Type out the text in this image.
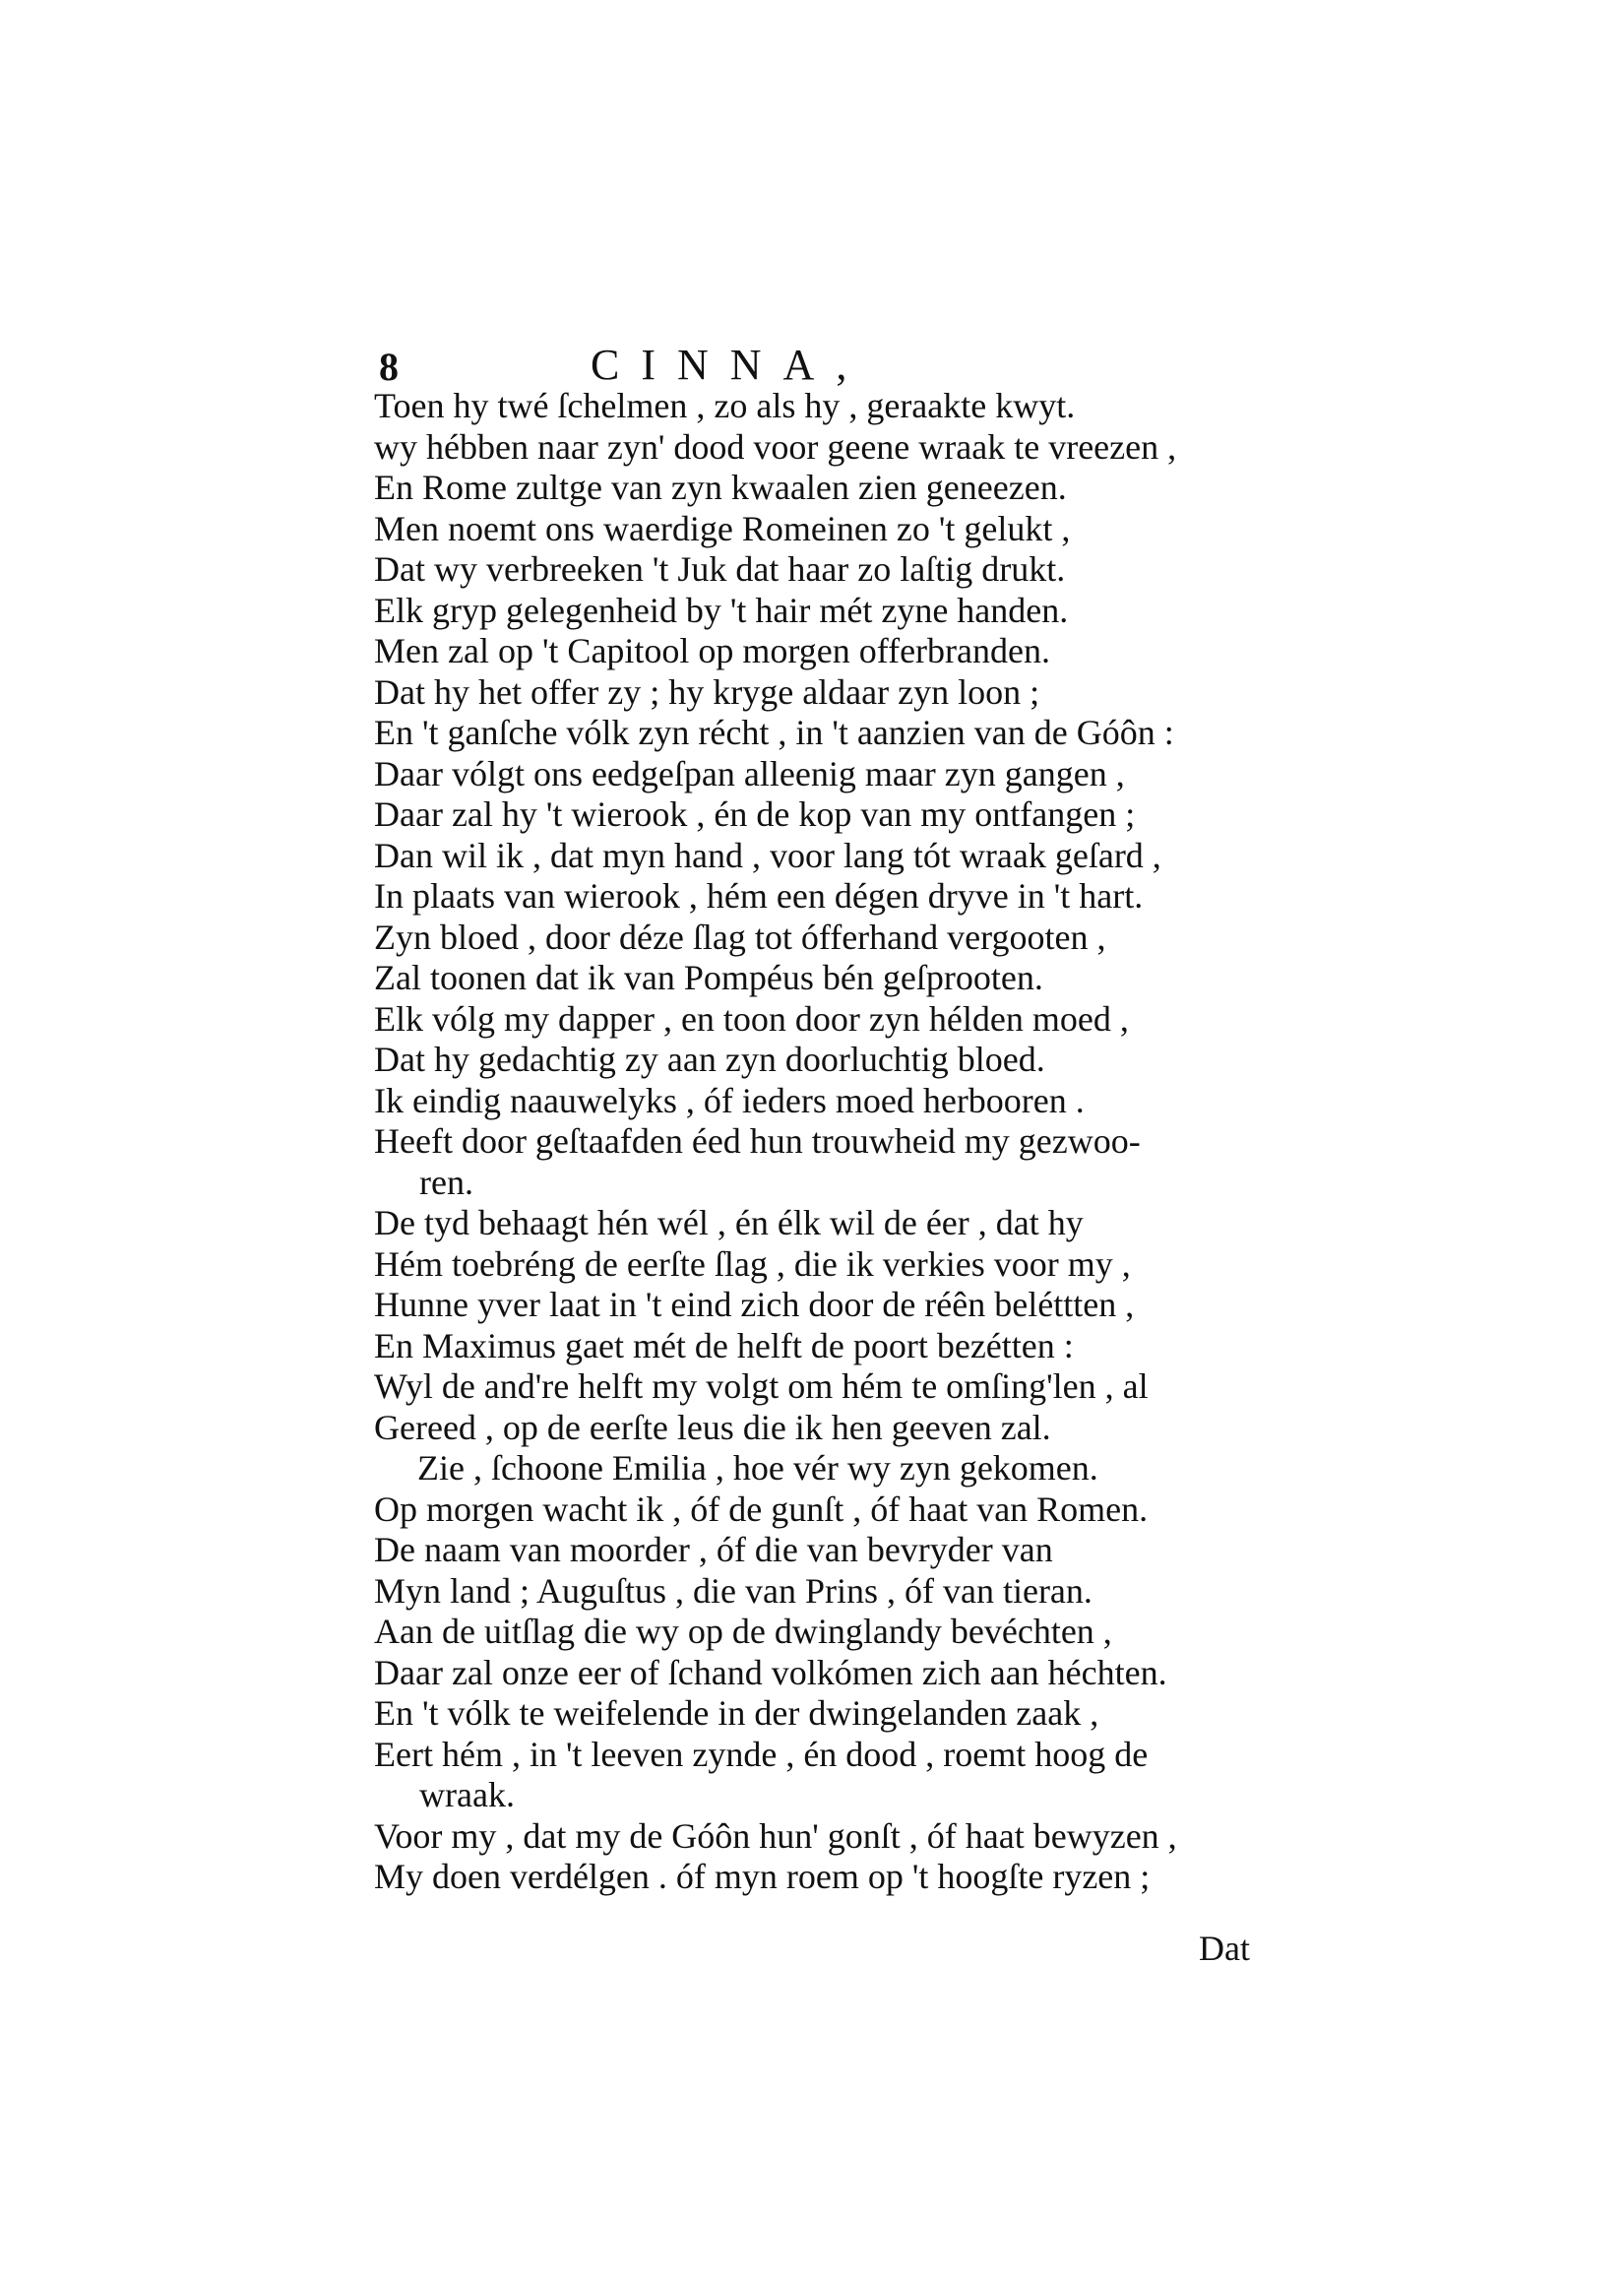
8	CINNA,
Toen hy twé ſchelmen , zo als hy , geraakte kwyt.
wy hébben naar zyn' dood voor geene wraak te vreezen ,
En Rome zultge van zyn kwaalen zien geneezen.
Men noemt ons waerdige Romeinen zo 't gelukt ,
Dat wy verbreeken 't Juk dat haar zo laſtig drukt.
Elk gryp gelegenheid by 't hair mét zyne handen.
Men zal op 't Capitool op morgen offerbranden.
Dat hy het offer zy ; hy kryge aldaar zyn loon ;
En 't ganſche vólk zyn récht , in 't aanzien van de Góôn :
Daar vólgt ons eedgeſpan alleenig maar zyn gangen ,
Daar zal hy 't wierook , én de kop van my ontfangen ;
Dan wil ik , dat myn hand , voor lang tót wraak geſard ,
In plaats van wierook , hém een dégen dryve in 't hart.
Zyn bloed , door déze ſlag tot ófferhand vergooten ,
Zal toonen dat ik van Pompéus bén geſprooten.
Elk vólg my dapper , en toon door zyn hélden moed ,
Dat hy gedachtig zy aan zyn doorluchtig bloed.
Ik eindig naauwelyks , óf ieders moed herbooren .
Heeft door geſtaafden éed hun trouwheid my gezwoo-
ren.
De tyd behaagt hén wél , én élk wil de éer , dat hy
Hém toebréng de eerſte ſlag , die ik verkies voor my ,
Hunne yver laat in 't eind zich door de réên beléttten ,
En Maximus gaet mét de helft de poort bezétten :
Wyl de and're helft my volgt om hém te omſing'len , al
Gereed , op de eerſte leus die ik hen geeven zal.
Zie , ſchoone Emilia , hoe vér wy zyn gekomen.
Op morgen wacht ik , óf de gunſt , óf haat van Romen.
De naam van moorder , óf die van bevryder van
Myn land ; Auguſtus , die van Prins , óf van tieran.
Aan de uitſlag die wy op de dwinglandy bevéchten ,
Daar zal onze eer of ſchand volkómen zich aan héchten.
En 't vólk te weifelende in der dwingelanden zaak ,
Eert hém , in 't leeven zynde , én dood , roemt hoog de
wraak.
Voor my , dat my de Góôn hun' gonſt , óf haat bewyzen ,
My doen verdélgen . óf myn roem op 't hoogſte ryzen ;
Dat
